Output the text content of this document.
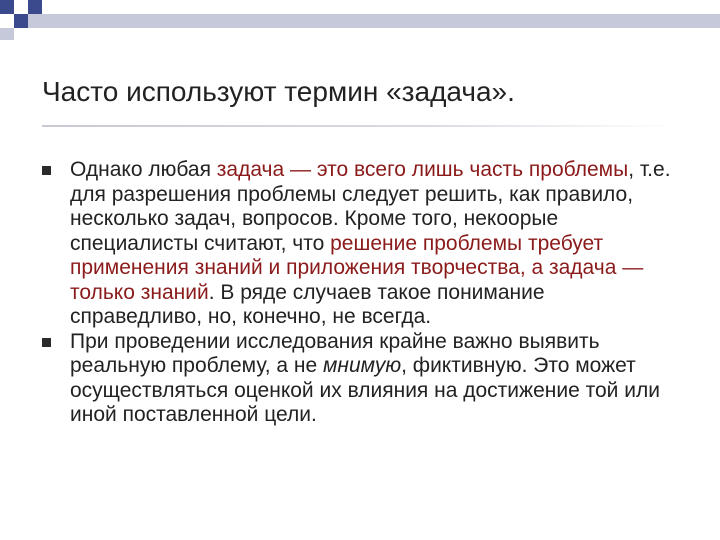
Часто используют термин «задача».
Однако любая задача — это всего лишь часть проблемы, т.е. для разрешения проблемы следует решить, как правило, несколько задач, вопросов. Кроме того, некоорые специалисты считают, что решение проблемы требует применения знаний и приложения творчества, а задача — только знаний. В ряде случаев такое понимание справедливо, но, конечно, не всегда.
При проведении исследования крайне важно выявить реальную проблему, а не мнимую, фиктивную. Это может осуществляться оценкой их влияния на достижение той или иной поставленной цели.
